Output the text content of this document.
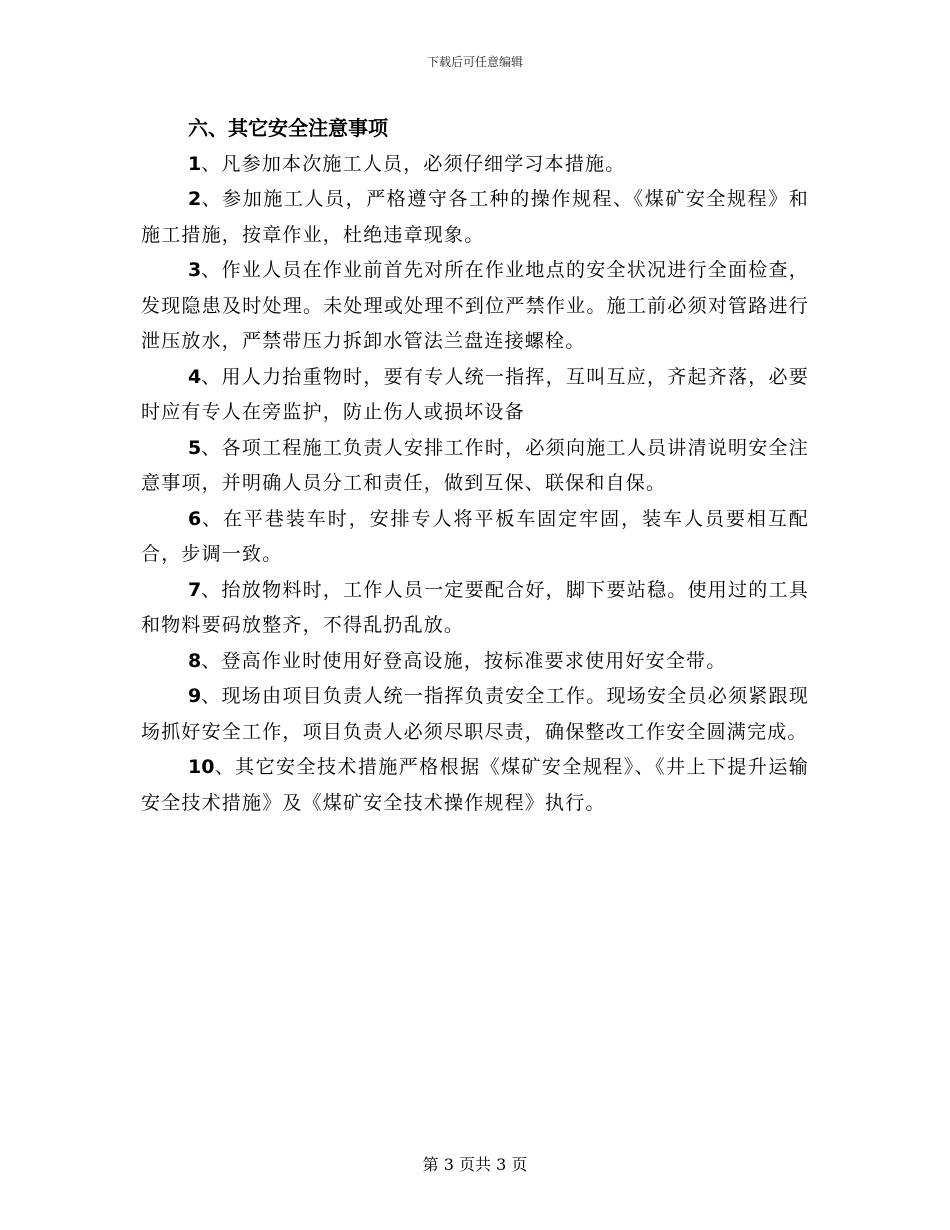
下载后可任意编辑
六、其它安全注意事项

1、凡参加本次施工人员，必须仔细学习本措施。

2、参加施工人员，严格遵守各工种的操作规程、《煤矿安全规程》和施工措施，按章作业，杜绝违章现象。

3、作业人员在作业前首先对所在作业地点的安全状况进行全面检查，发现隐患及时处理。未处理或处理不到位严禁作业。施工前必须对管路进行泄压放水，严禁带压力拆卸水管法兰盘连接螺栓。

4、用人力抬重物时，要有专人统一指挥，互叫互应，齐起齐落，必要时应有专人在旁监护，防止伤人或损坏设备

5、各项工程施工负责人安排工作时，必须向施工人员讲清说明安全注意事项，并明确人员分工和责任，做到互保、联保和自保。

6、在平巷装车时，安排专人将平板车固定牢固，装车人员要相互配合，步调一致。

7、抬放物料时，工作人员一定要配合好，脚下要站稳。使用过的工具和物料要码放整齐，不得乱扔乱放。

8、登高作业时使用好登高设施，按标准要求使用好安全带。

9、现场由项目负责人统一指挥负责安全工作。现场安全员必须紧跟现场抓好安全工作，项目负责人必须尽职尽责，确保整改工作安全圆满完成。

10、其它安全技术措施严格根据《煤矿安全规程》、《井上下提升运输安全技术措施》及《煤矿安全技术操作规程》执行。

第 3 页共 3 页
